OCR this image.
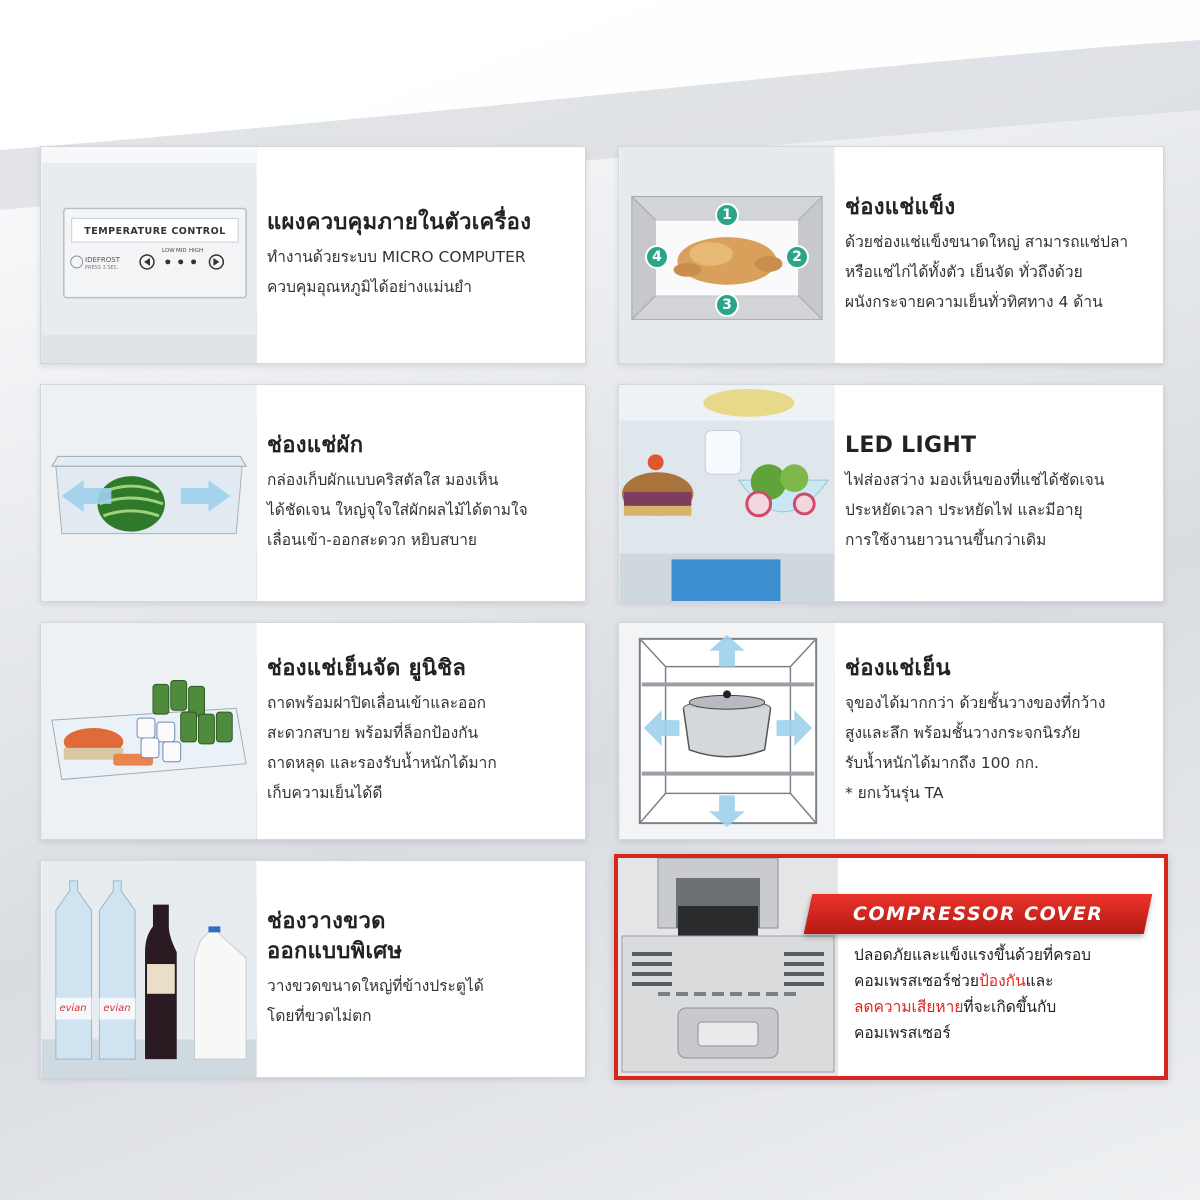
TEMPERATURE CONTROL
IDEFROST
PRESS 3 SEC.
LOW MID HIGH
แผงควบคุมภายในตัวเครื่อง

ทำงานด้วยระบบ MICRO COMPUTER

ควบคุมอุณหภูมิได้อย่างแม่นยำ

1
2
3
4
ช่องแช่แข็ง

ด้วยช่องแช่แข็งขนาดใหญ่ สามารถแช่ปลา

หรือแช่ไก่ได้ทั้งตัว เย็นจัด ทั่วถึงด้วย

ผนังกระจายความเย็นทั่วทิศทาง 4 ด้าน

ช่องแช่ผัก

กล่องเก็บผักแบบคริสตัลใส มองเห็น

ได้ชัดเจน ใหญ่จุใจใส่ผักผลไม้ได้ตามใจ

เลื่อนเข้า-ออกสะดวก หยิบสบาย

LED LIGHT

ไฟส่องสว่าง มองเห็นของที่แช่ได้ชัดเจน

ประหยัดเวลา ประหยัดไฟ และมีอายุ

การใช้งานยาวนานขึ้นกว่าเดิม

ช่องแช่เย็นจัด ยูนิชิล

ถาดพร้อมฝาปิดเลื่อนเข้าและออก

สะดวกสบาย พร้อมที่ล็อกป้องกัน

ถาดหลุด และรองรับน้ำหนักได้มาก

เก็บความเย็นได้ดี

ช่องแช่เย็น

จุของได้มากกว่า ด้วยชั้นวางของที่กว้าง

สูงและลึก พร้อมชั้นวางกระจกนิรภัย

รับน้ำหนักได้มากถึง 100 กก.

* ยกเว้นรุ่น TA

evian	evian
ช่องวางขวด
ออกแบบพิเศษ

วางขวดขนาดใหญ่ที่ข้างประตูได้

โดยที่ขวดไม่ตก

COMPRESSOR COVER

ปลอดภัยและแข็งแรงขึ้นด้วยที่ครอบ

คอมเพรสเซอร์ช่วยป้องกันและ

ลดความเสียหายที่จะเกิดขึ้นกับ

คอมเพรสเซอร์
